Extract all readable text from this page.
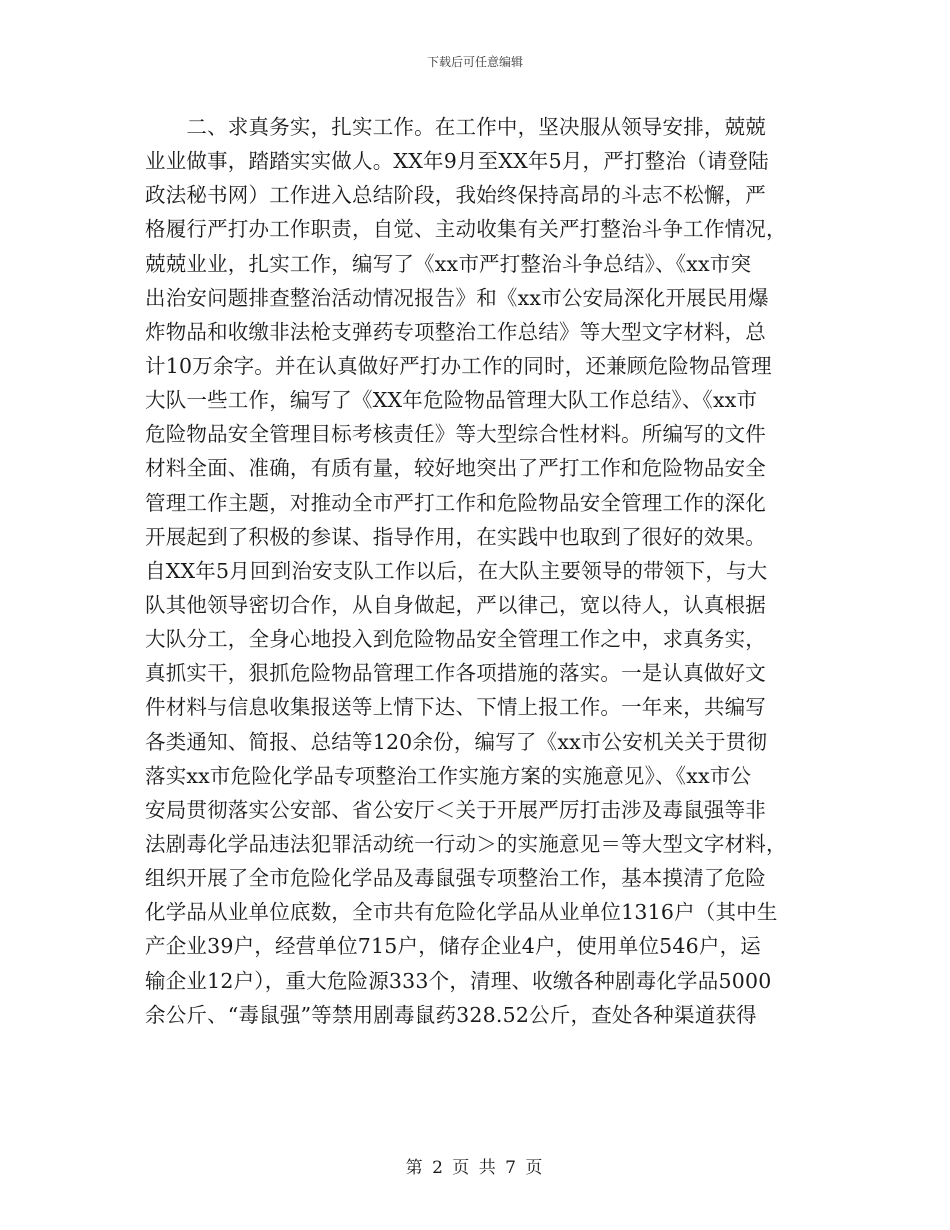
下载后可任意编辑
　　二、求真务实，扎实工作。在工作中，坚决服从领导安排，兢兢
业业做事，踏踏实实做人。XX年9月至XX年5月，严打整治（请登陆
政法秘书网）工作进入总结阶段，我始终保持高昂的斗志不松懈，严
格履行严打办工作职责，自觉、主动收集有关严打整治斗争工作情况，
兢兢业业，扎实工作，编写了《xx市严打整治斗争总结》、《xx市突
出治安问题排查整治活动情况报告》和《xx市公安局深化开展民用爆
炸物品和收缴非法枪支弹药专项整治工作总结》等大型文字材料，总
计10万余字。并在认真做好严打办工作的同时，还兼顾危险物品管理
大队一些工作，编写了《XX年危险物品管理大队工作总结》、《xx市
危险物品安全管理目标考核责任》等大型综合性材料。所编写的文件
材料全面、准确，有质有量，较好地突出了严打工作和危险物品安全
管理工作主题，对推动全市严打工作和危险物品安全管理工作的深化
开展起到了积极的参谋、指导作用，在实践中也取到了很好的效果。
自XX年5月回到治安支队工作以后，在大队主要领导的带领下，与大
队其他领导密切合作，从自身做起，严以律己，宽以待人，认真根据
大队分工，全身心地投入到危险物品安全管理工作之中，求真务实，
真抓实干，狠抓危险物品管理工作各项措施的落实。一是认真做好文
件材料与信息收集报送等上情下达、下情上报工作。一年来，共编写
各类通知、简报、总结等120余份，编写了《xx市公安机关关于贯彻
落实xx市危险化学品专项整治工作实施方案的实施意见》、《xx市公
安局贯彻落实公安部、省公安厅＜关于开展严厉打击涉及毒鼠强等非
法剧毒化学品违法犯罪活动统一行动＞的实施意见＝等大型文字材料，
组织开展了全市危险化学品及毒鼠强专项整治工作，基本摸清了危险
化学品从业单位底数，全市共有危险化学品从业单位1316户（其中生
产企业39户，经营单位715户，储存企业4户，使用单位546户，运
输企业12户），重大危险源333个，清理、收缴各种剧毒化学品5000
余公斤、“毒鼠强”等禁用剧毒鼠药328.52公斤，查处各种渠道获得
第 2 页 共 7 页
